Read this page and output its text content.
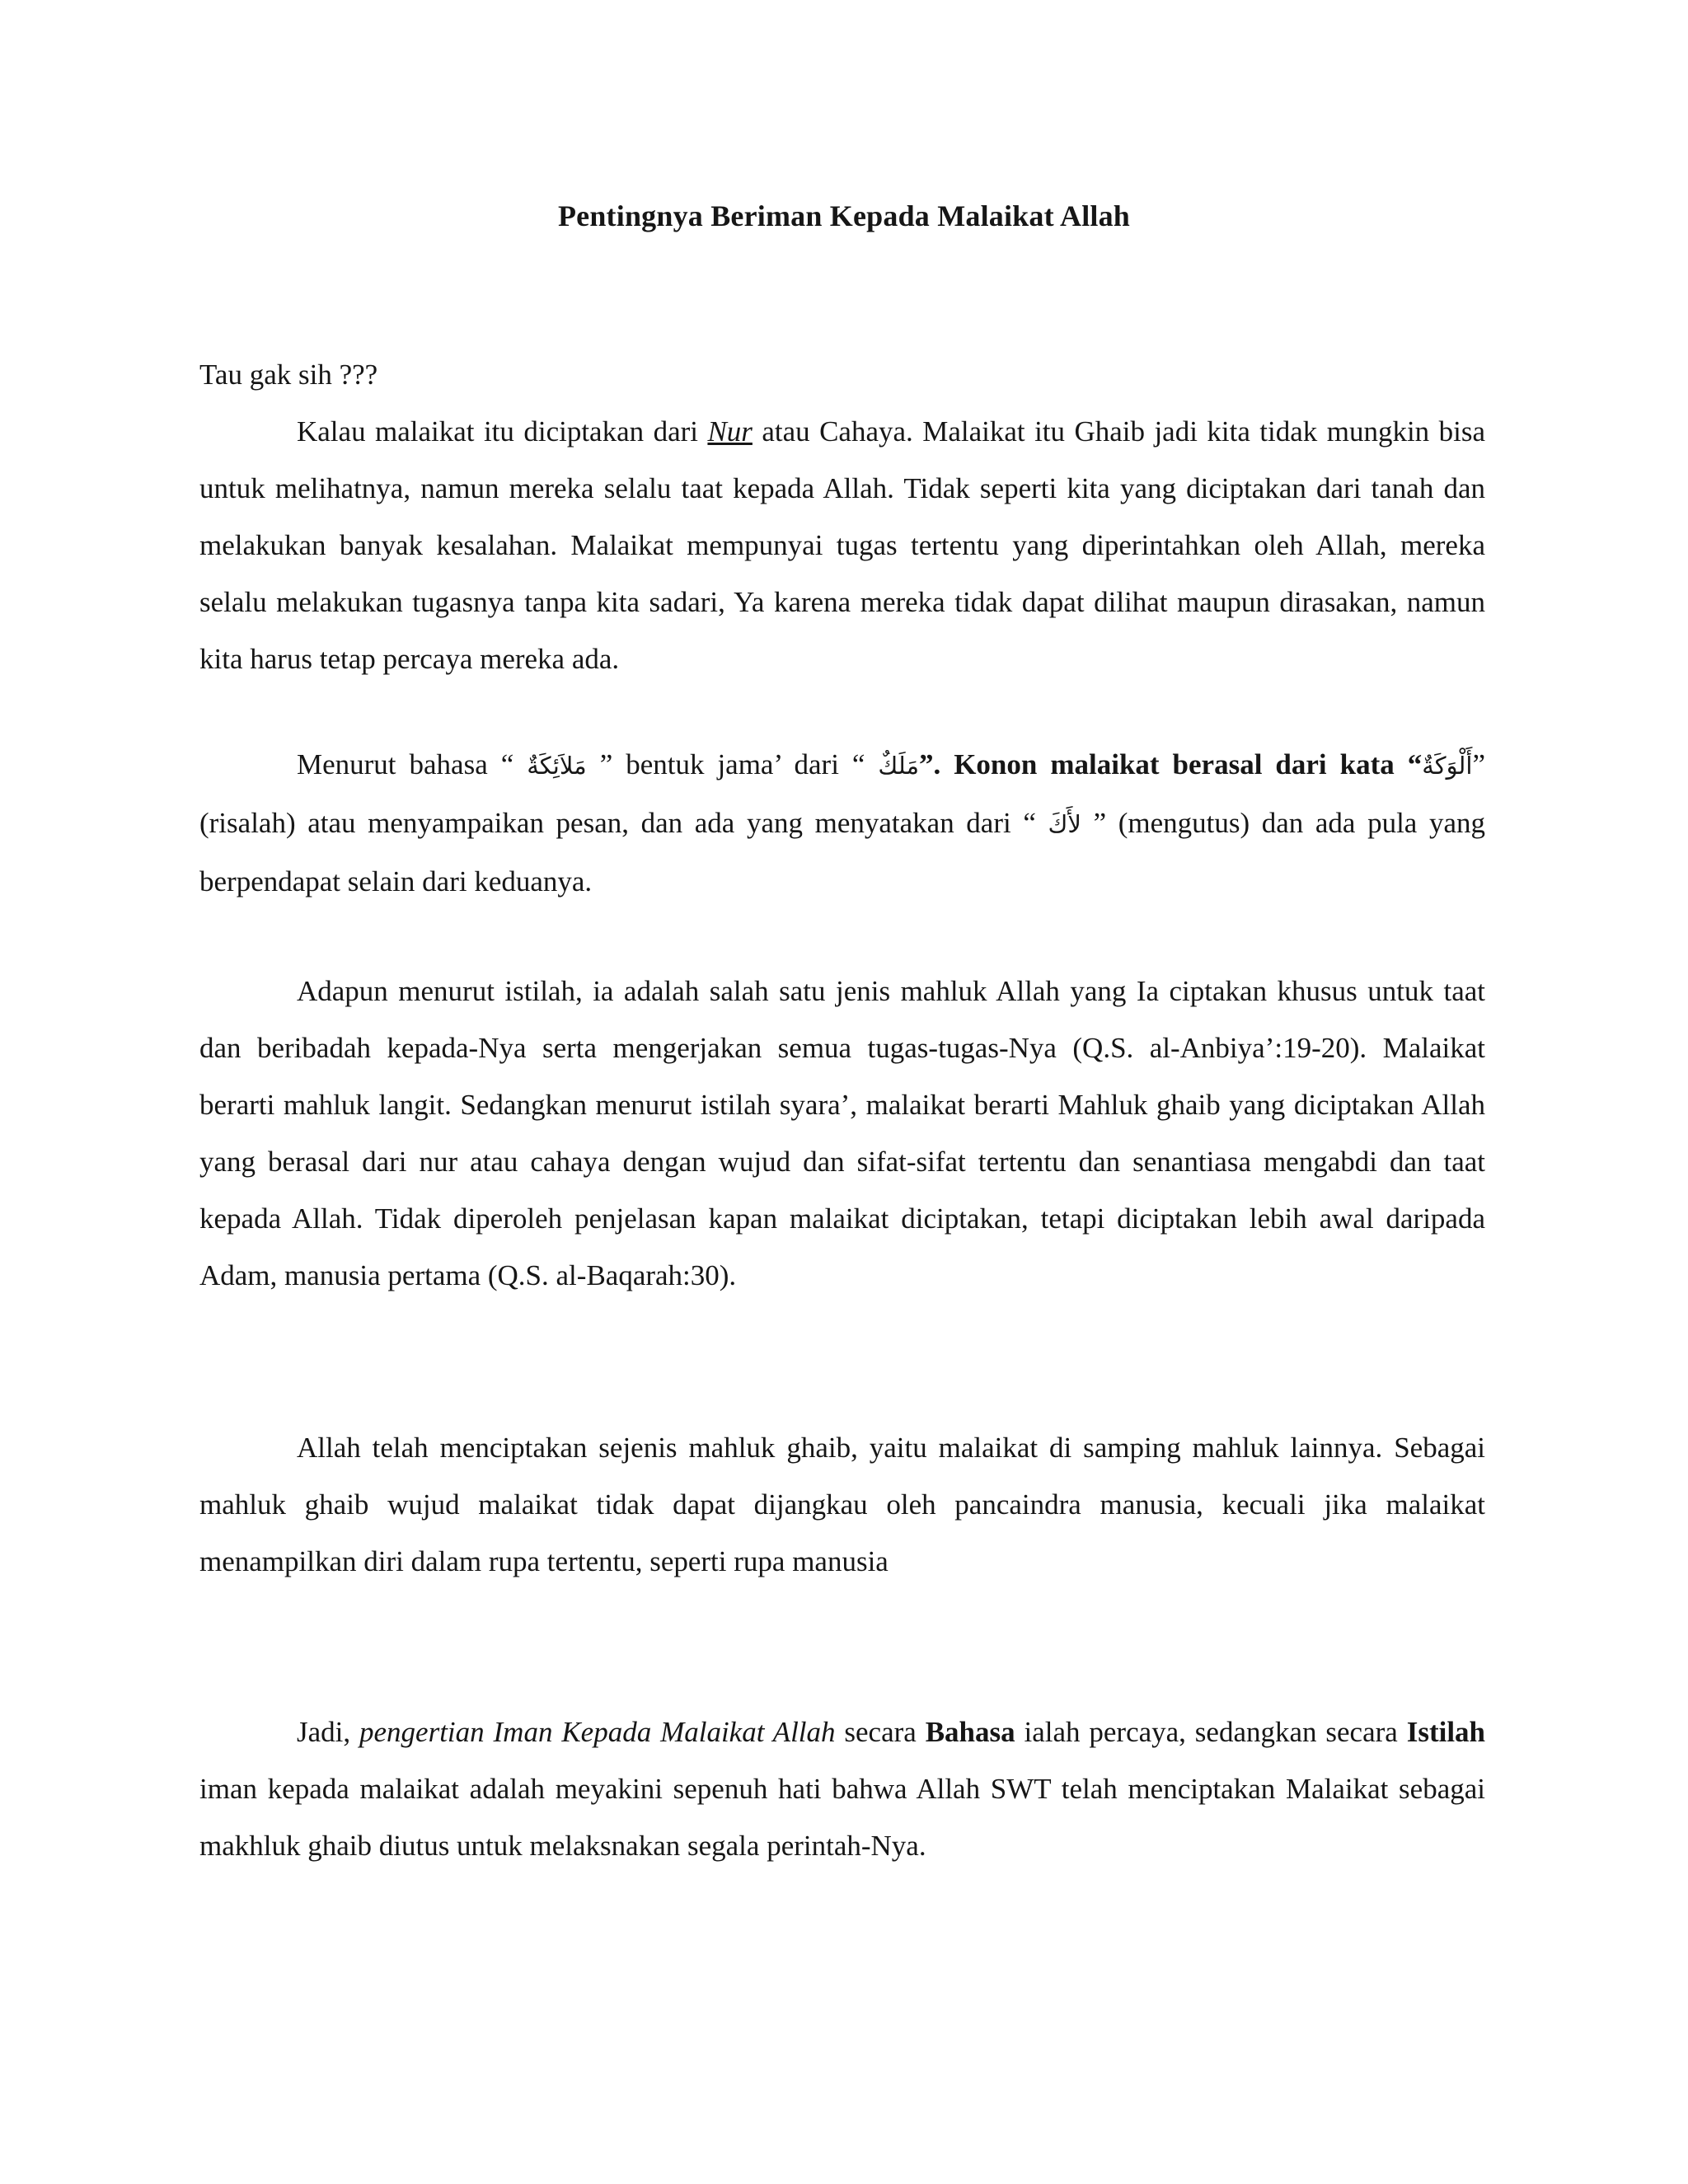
Pentingnya Beriman Kepada Malaikat Allah

Tau gak sih ???

Kalau malaikat itu diciptakan dari Nur atau Cahaya. Malaikat itu Ghaib jadi kita tidak mungkin bisa untuk melihatnya, namun mereka selalu taat kepada Allah. Tidak seperti kita yang diciptakan dari tanah dan melakukan banyak kesalahan. Malaikat mempunyai tugas tertentu yang diperintahkan oleh Allah, mereka selalu melakukan tugasnya tanpa kita sadari, Ya karena mereka tidak dapat dilihat maupun dirasakan, namun kita harus tetap percaya mereka ada.

Menurut bahasa “ مَلاَئِكَةٌ ” bentuk jama’ dari “ مَلَكٌ”. Konon malaikat berasal dari kata “أَلْوَكَةٌ” (risalah) atau menyampaikan pesan, dan ada yang menyatakan dari “ لأَكَ ” (mengutus) dan ada pula yang berpendapat selain dari keduanya.

Adapun menurut istilah, ia adalah salah satu jenis mahluk Allah yang Ia ciptakan khusus untuk taat dan beribadah kepada-Nya serta mengerjakan semua tugas-tugas-Nya (Q.S. al-Anbiya’:19-20). Malaikat berarti mahluk langit. Sedangkan menurut istilah syara’, malaikat berarti Mahluk ghaib yang diciptakan Allah yang berasal dari nur atau cahaya dengan wujud dan sifat-sifat tertentu dan senantiasa mengabdi dan taat kepada Allah. Tidak diperoleh penjelasan kapan malaikat diciptakan, tetapi diciptakan lebih awal daripada Adam, manusia pertama (Q.S. al-Baqarah:30).

Allah telah menciptakan sejenis mahluk ghaib, yaitu malaikat di samping mahluk lainnya. Sebagai mahluk ghaib wujud malaikat tidak dapat dijangkau oleh pancaindra manusia, kecuali jika malaikat menampilkan diri dalam rupa tertentu, seperti rupa manusia

Jadi, pengertian Iman Kepada Malaikat Allah secara Bahasa ialah percaya, sedangkan secara Istilah iman kepada malaikat adalah meyakini sepenuh hati bahwa Allah SWT telah menciptakan Malaikat sebagai makhluk ghaib diutus untuk melaksnakan segala perintah-Nya.
